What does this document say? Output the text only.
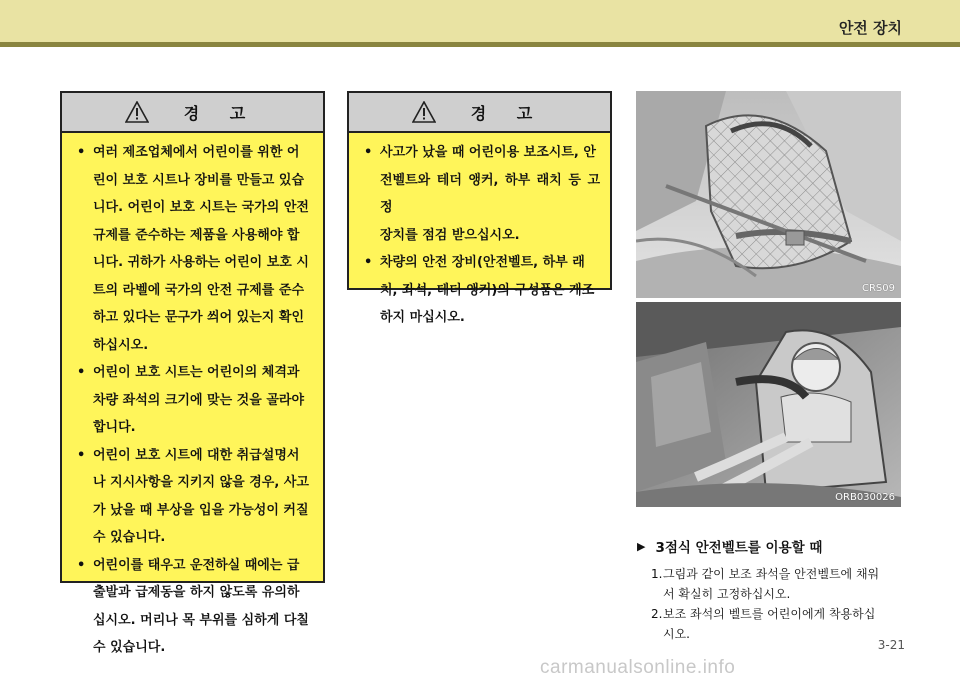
안전 장치
경 고
• 여러 제조업체에서 어린이를 위한 어
린이 보호 시트나 장비를 만들고 있습
니다. 어린이 보호 시트는 국가의 안전
규제를 준수하는 제품을 사용해야 합
니다. 귀하가 사용하는 어린이 보호 시
트의 라벨에 국가의 안전 규제를 준수
하고 있다는 문구가 씌어 있는지 확인
하십시오.
• 어린이 보호 시트는 어린이의 체격과
차량 좌석의 크기에 맞는 것을 골라야
합니다.
• 어린이 보호 시트에 대한 취급설명서
나 지시사항을 지키지 않을 경우, 사고
가 났을 때 부상을 입을 가능성이 커질
수 있습니다.
• 어린이를 태우고 운전하실 때에는 급
출발과 급제동을 하지 않도록 유의하
십시오. 머리나 목 부위를 심하게 다칠
수 있습니다.
경 고
• 사고가 났을 때 어린이용 보조시트, 안
전벨트와 테더 앵커, 하부 래치 등 고정
장치를 점검 받으십시오.
• 차량의 안전 장비(안전벨트, 하부 래
치, 좌석, 테더 앵커)의 구성품은 개조
하지 마십시오.
CRS09
ORB030026
▶ 3점식 안전벨트를 이용할 때
1. 그림과 같이 보조 좌석을 안전벨트에 채워
서 확실히 고정하십시오.
2. 보조 좌석의 벨트를 어린이에게 착용하십
시오.
3-21
carmanualsonline.info
